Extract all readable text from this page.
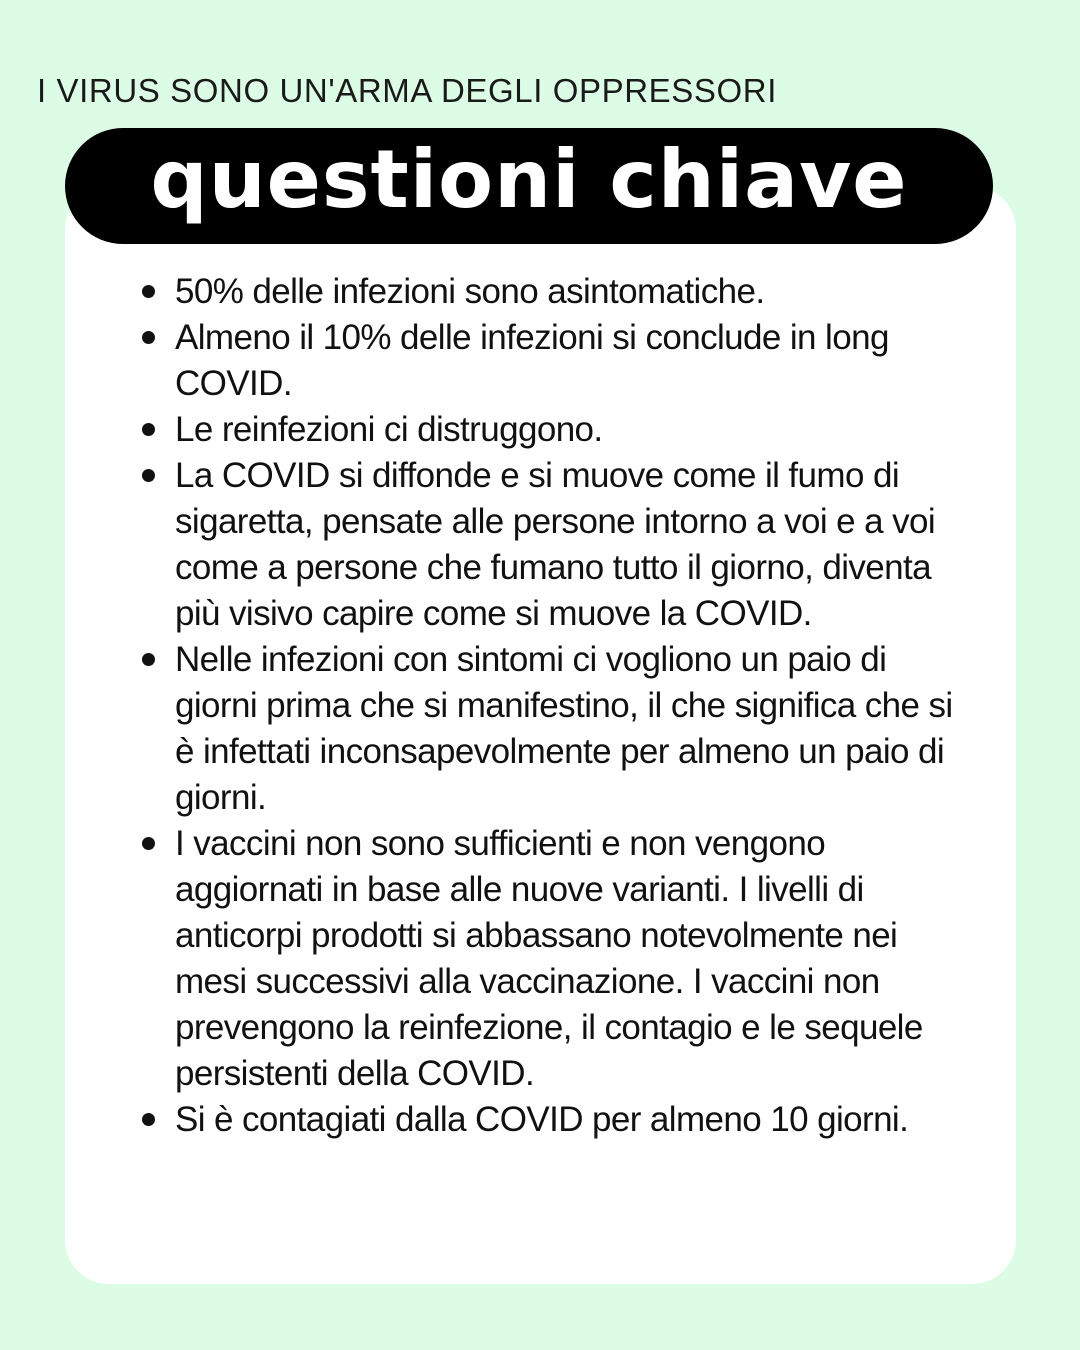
I VIRUS SONO UN'ARMA DEGLI OPPRESSORI
questioni chiave
50% delle infezioni sono asintomatiche.
Almeno il 10% delle infezioni si conclude in long COVID.
Le reinfezioni ci distruggono.
La COVID si diffonde e si muove come il fumo di sigaretta, pensate alle persone intorno a voi e a voi come a persone che fumano tutto il giorno, diventa più visivo capire come si muove la COVID.
Nelle infezioni con sintomi ci vogliono un paio di giorni prima che si manifestino, il che significa che si è infettati inconsapevolmente per almeno un paio di giorni.
I vaccini non sono sufficienti e non vengono aggiornati in base alle nuove varianti. I livelli di anticorpi prodotti si abbassano notevolmente nei mesi successivi alla vaccinazione. I vaccini non prevengono la reinfezione, il contagio e le sequele persistenti della COVID.
Si è contagiati dalla COVID per almeno 10 giorni.
